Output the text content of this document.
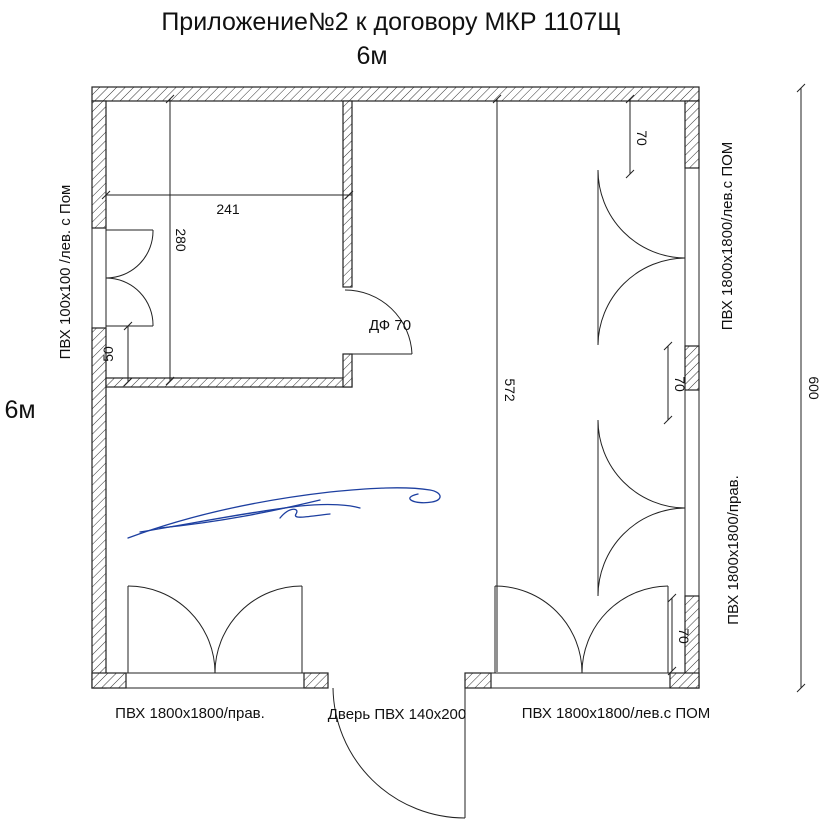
Приложение№2 к договору МКР 1107Щ
6м
6м
241
280
50
572
70
70
70
600
ДФ 70
ПВХ 100х100 /лев. с Пом	ПВХ 1800х1800/лев.с ПОМ
ПВХ 1800х1800/прав.
ПВХ 1800х1800/прав.	Дверь ПВХ 140х200	ПВХ 1800х1800/лев.с ПОМ
